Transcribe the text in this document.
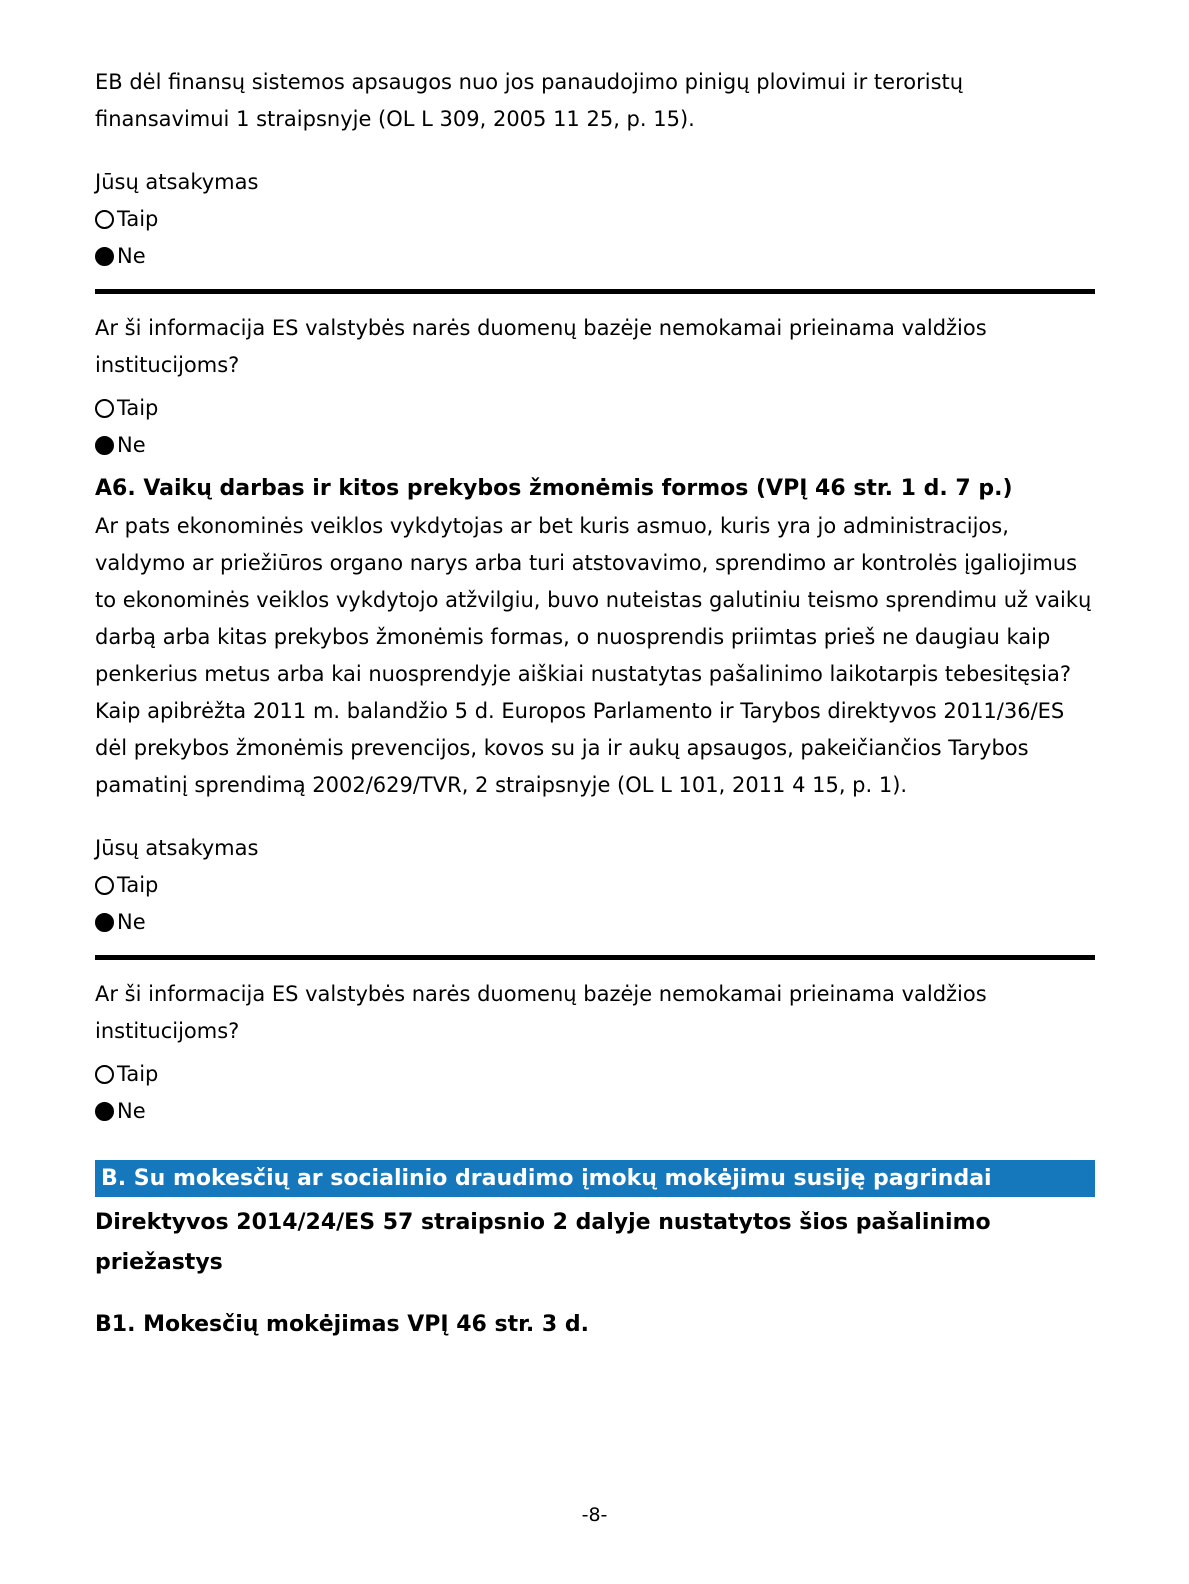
EB dėl finansų sistemos apsaugos nuo jos panaudojimo pinigų plovimui ir teroristų finansavimui 1 straipsnyje (OL L 309, 2005 11 25, p. 15).

Jūsų atsakymas

Taip
Ne

Ar ši informacija ES valstybės narės duomenų bazėje nemokamai prieinama valdžios institucijoms?

Taip
Ne

A6. Vaikų darbas ir kitos prekybos žmonėmis formos (VPĮ 46 str. 1 d. 7 p.)

Ar pats ekonominės veiklos vykdytojas ar bet kuris asmuo, kuris yra jo administracijos, valdymo ar priežiūros organo narys arba turi atstovavimo, sprendimo ar kontrolės įgaliojimus to ekonominės veiklos vykdytojo atžvilgiu, buvo nuteistas galutiniu teismo sprendimu už vaikų darbą arba kitas prekybos žmonėmis formas, o nuosprendis priimtas prieš ne daugiau kaip penkerius metus arba kai nuosprendyje aiškiai nustatytas pašalinimo laikotarpis tebesitęsia?

Kaip apibrėžta 2011 m. balandžio 5 d. Europos Parlamento ir Tarybos direktyvos 2011/36/ES dėl prekybos žmonėmis prevencijos, kovos su ja ir aukų apsaugos, pakeičiančios Tarybos pamatinį sprendimą 2002/629/TVR, 2 straipsnyje (OL L 101, 2011 4 15, p. 1).

Jūsų atsakymas

Taip
Ne

Ar ši informacija ES valstybės narės duomenų bazėje nemokamai prieinama valdžios institucijoms?

Taip
Ne
B. Su mokesčių ar socialinio draudimo įmokų mokėjimu susiję pagrindai

Direktyvos 2014/24/ES 57 straipsnio 2 dalyje nustatytos šios pašalinimo priežastys

B1. Mokesčių mokėjimas VPĮ 46 str. 3 d.

-8-
